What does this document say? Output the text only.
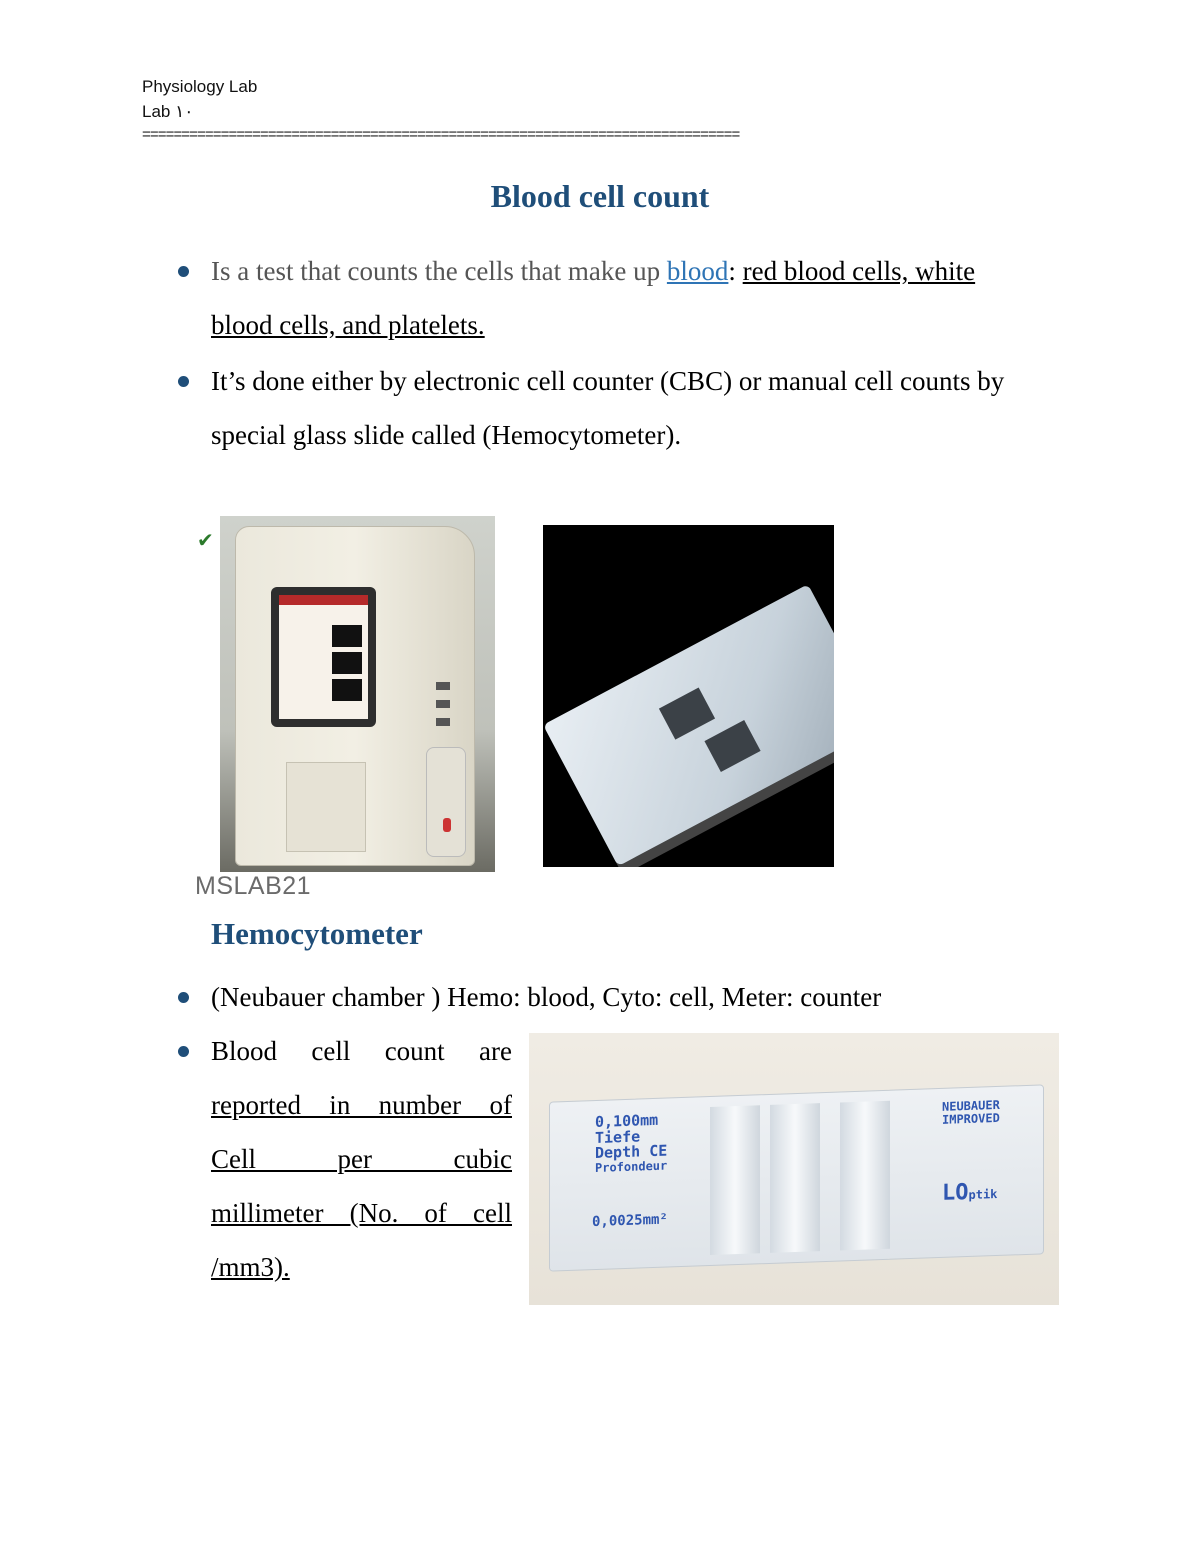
Physiology Lab
Lab ١٠
============================================================================
Blood cell count
Is a test that counts the cells that make up blood: red blood cells, white blood cells, and platelets.
It’s done either by electronic cell counter (CBC) or manual cell counts by special glass slide called (Hemocytometer).
✔
MSLAB21
Hemocytometer
(Neubauer chamber ) Hemo: blood, Cyto: cell, Meter: counter
Blood cell count are
reported in number of
Cell per cubic
millimeter (No. of cell
/mm3).
0,100mm
Tiefe
Depth CE
Profondeur
0,0025mm²
NEUBAUER
IMPROVED
LOptik
